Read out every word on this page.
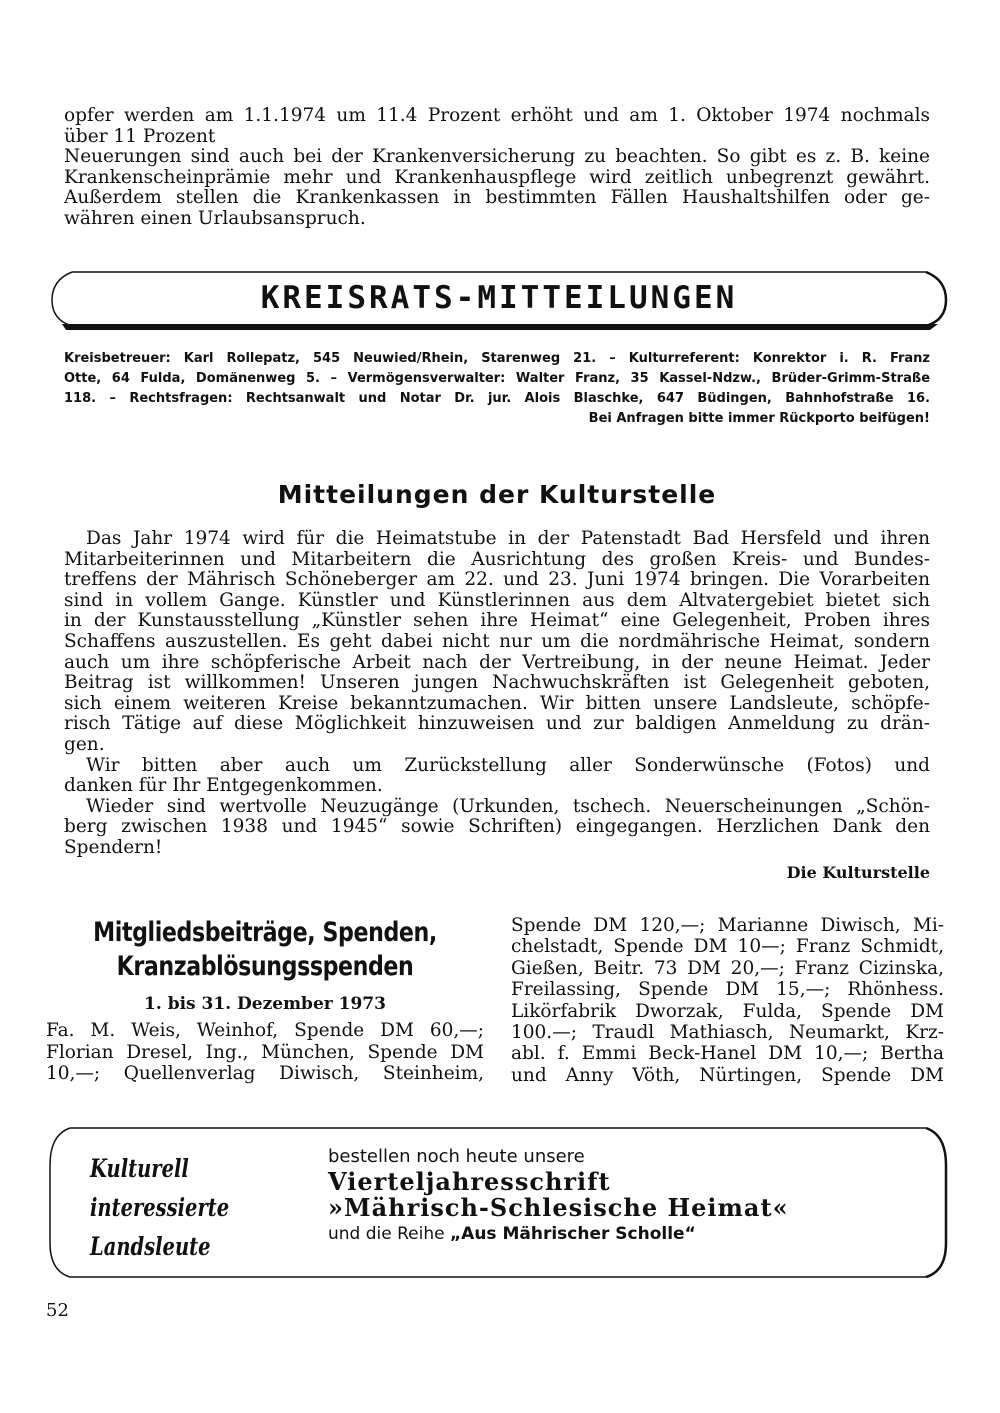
opfer werden am 1.1.1974 um 11.4 Prozent erhöht und am 1. Oktober 1974 nochmals
über 11 Prozent
Neuerungen sind auch bei der Krankenversicherung zu beachten. So gibt es z. B. keine
Krankenscheinprämie mehr und Krankenhauspflege wird zeitlich unbegrenzt gewährt.
Außerdem stellen die Krankenkassen in bestimmten Fällen Haushaltshilfen oder ge-
währen einen Urlaubsanspruch.
KREISRATS-MITTEILUNGEN
Kreisbetreuer: Karl Rollepatz, 545 Neuwied/Rhein, Starenweg 21. – Kulturreferent: Konrektor i. R. Franz
Otte, 64 Fulda, Domänenweg 5. – Vermögensverwalter: Walter Franz, 35 Kassel-Ndzw., Brüder-Grimm-Straße
118. – Rechtsfragen: Rechtsanwalt und Notar Dr. jur. Alois Blaschke, 647 Büdingen, Bahnhofstraße 16.
Bei Anfragen bitte immer Rückporto beifügen!
Mitteilungen der Kulturstelle
Das Jahr 1974 wird für die Heimatstube in der Patenstadt Bad Hersfeld und ihren
Mitarbeiterinnen und Mitarbeitern die Ausrichtung des großen Kreis- und Bundes-
treffens der Mährisch Schöneberger am 22. und 23. Juni 1974 bringen. Die Vorarbeiten
sind in vollem Gange. Künstler und Künstlerinnen aus dem Altvatergebiet bietet sich
in der Kunstausstellung „Künstler sehen ihre Heimat“ eine Gelegenheit, Proben ihres
Schaffens auszustellen. Es geht dabei nicht nur um die nordmährische Heimat, sondern
auch um ihre schöpferische Arbeit nach der Vertreibung, in der neune Heimat. Jeder
Beitrag ist willkommen! Unseren jungen Nachwuchskräften ist Gelegenheit geboten,
sich einem weiteren Kreise bekanntzumachen. Wir bitten unsere Landsleute, schöpfe-
risch Tätige auf diese Möglichkeit hinzuweisen und zur baldigen Anmeldung zu drän-
gen.
Wir bitten aber auch um Zurückstellung aller Sonderwünsche (Fotos) und
danken für Ihr Entgegenkommen.
Wieder sind wertvolle Neuzugänge (Urkunden, tschech. Neuerscheinungen „Schön-
berg zwischen 1938 und 1945“ sowie Schriften) eingegangen. Herzlichen Dank den
Spendern!
Die Kulturstelle
Mitgliedsbeiträge, Spenden,
Kranzablösungsspenden
1. bis 31. Dezember 1973
Fa. M. Weis, Weinhof, Spende DM 60,—;
Florian Dresel, Ing., München, Spende DM
10,—; Quellenverlag Diwisch, Steinheim,
Spende DM 120,—; Marianne Diwisch, Mi-
chelstadt, Spende DM 10—; Franz Schmidt,
Gießen, Beitr. 73 DM 20,—; Franz Cizinska,
Freilassing, Spende DM 15,—; Rhönhess.
Likörfabrik Dworzak, Fulda, Spende DM
100.—; Traudl Mathiasch, Neumarkt, Krz-
abl. f. Emmi Beck-Hanel DM 10,—; Bertha
und Anny Vöth, Nürtingen, Spende DM
Kulturell
interessierte
Landsleute
bestellen noch heute unsere
Vierteljahresschrift
»Mährisch-Schlesische Heimat«
und die Reihe „Aus Mährischer Scholle“
52
